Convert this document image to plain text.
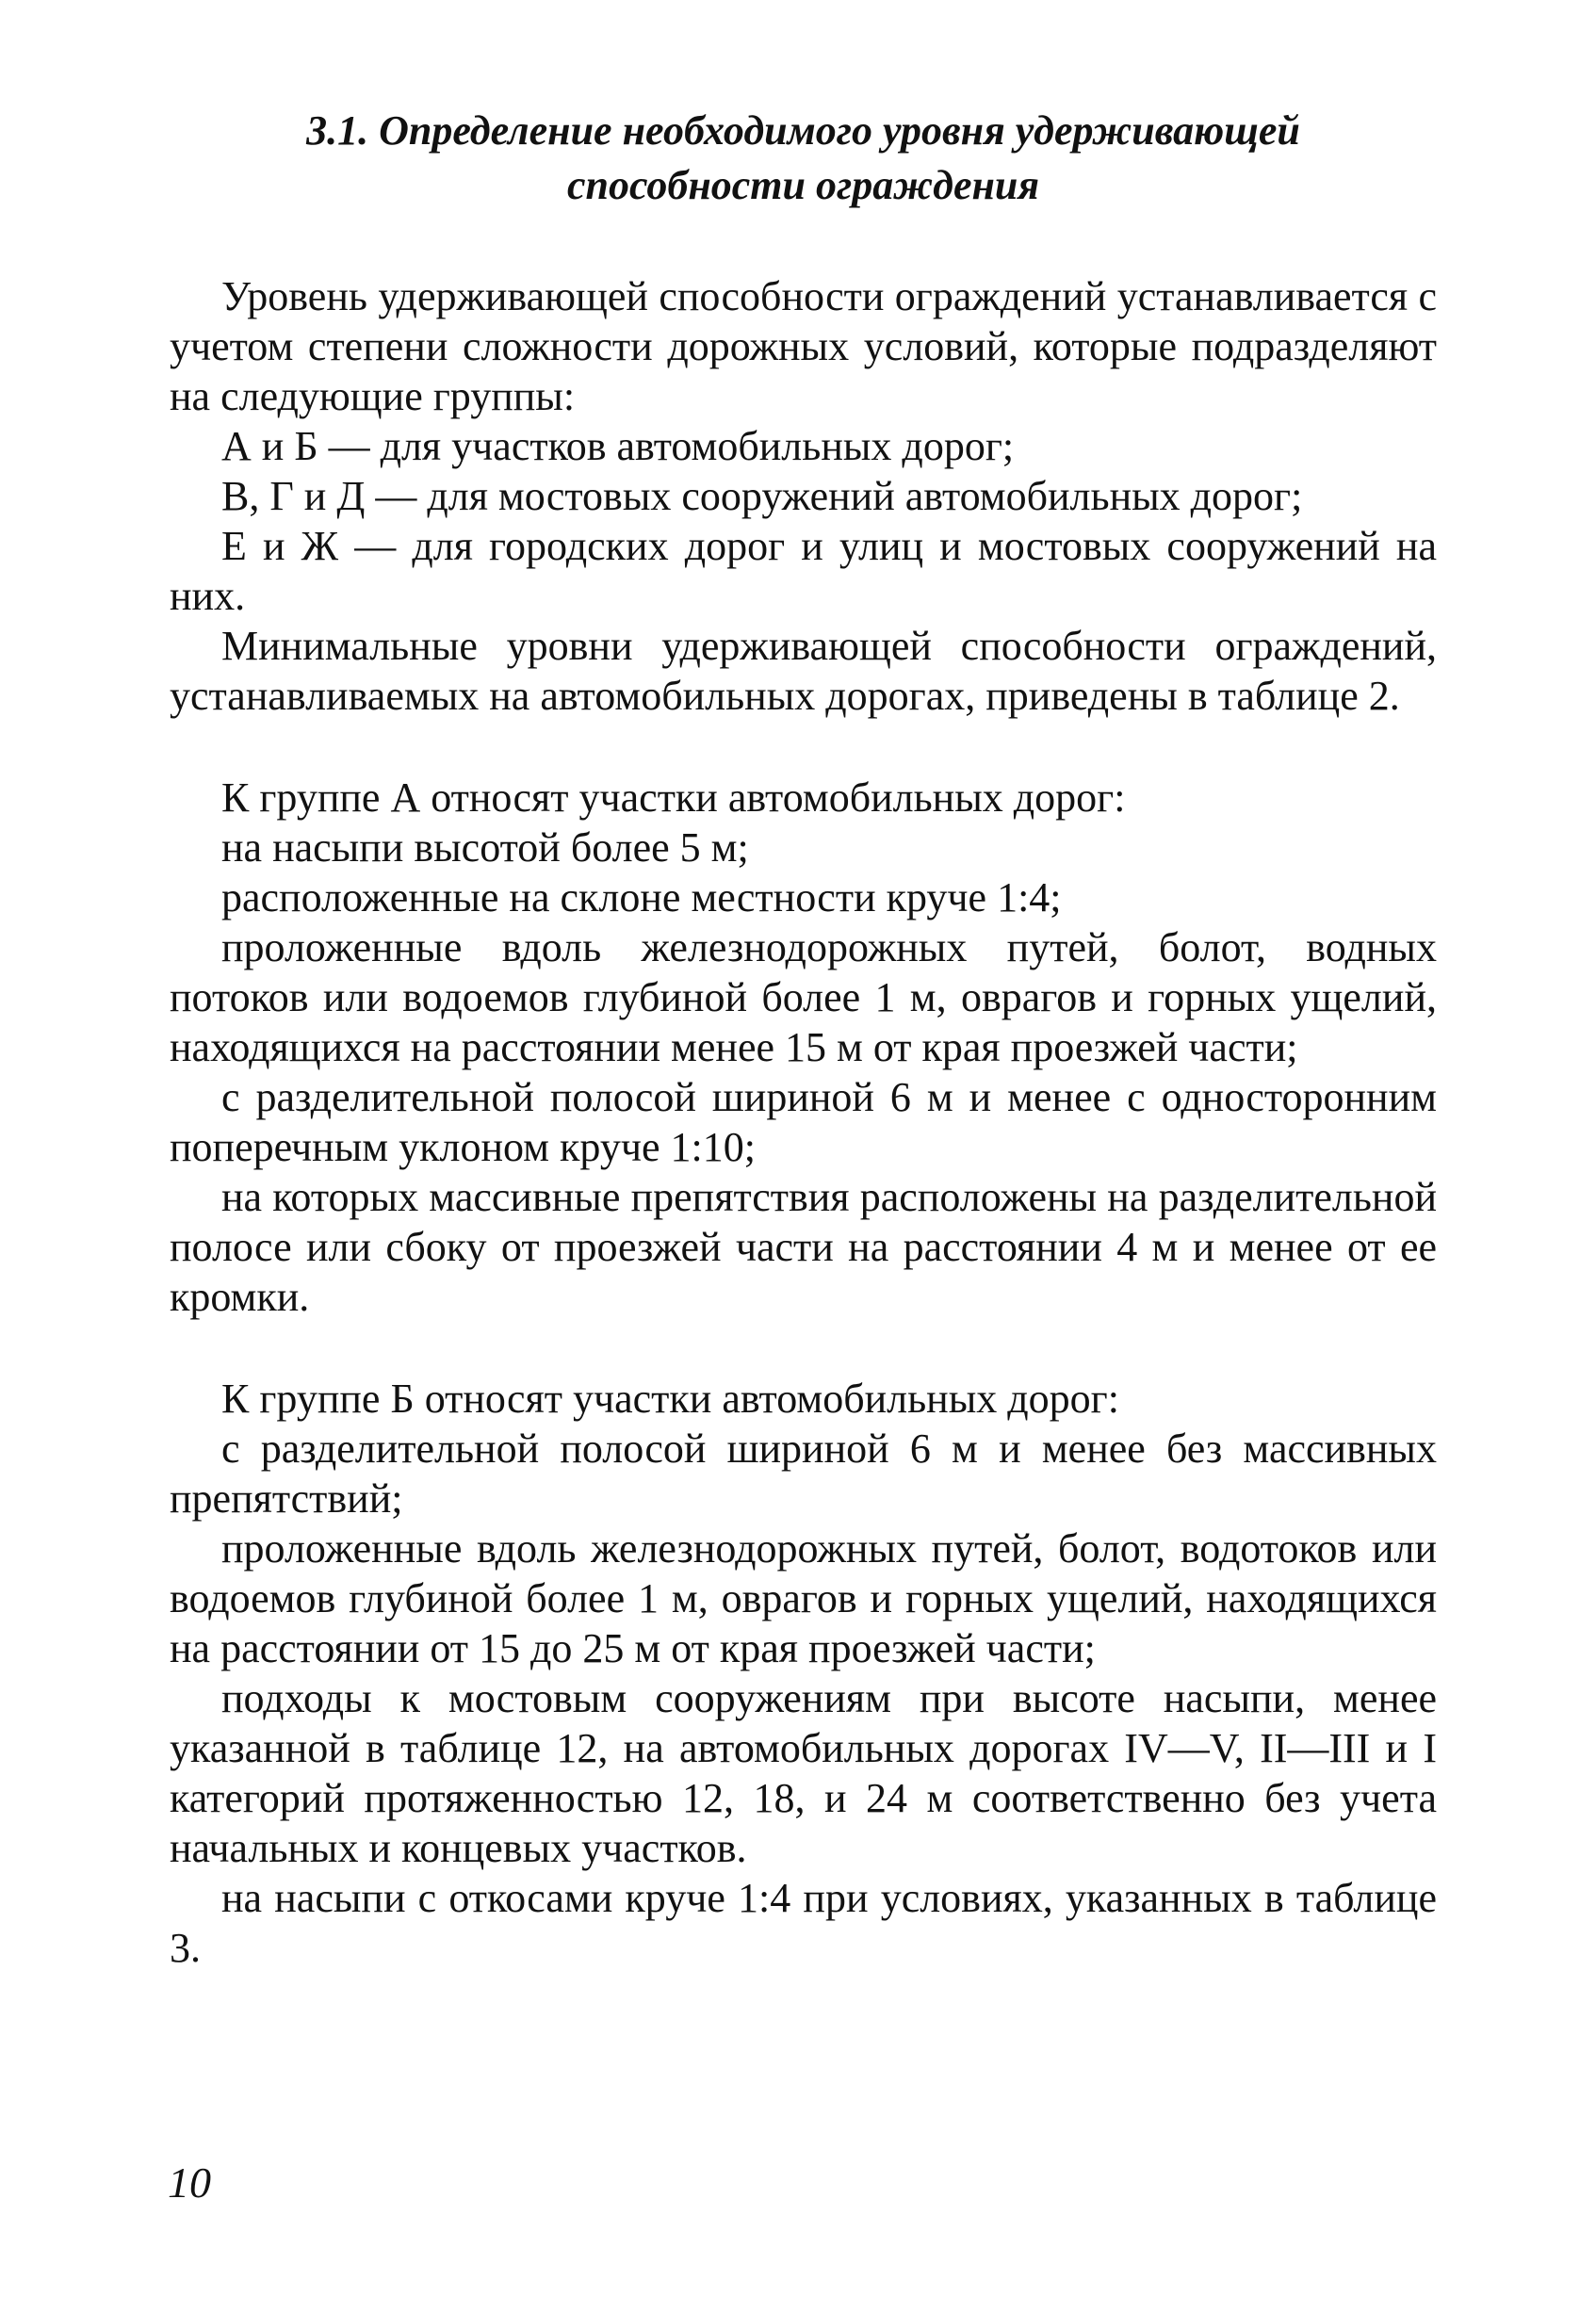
3.1. Определение необходимого уровня удерживающей
способности ограждения

Уровень удерживающей способности ограждений устанавливается с учетом степени сложности дорожных условий, которые подразделяют на следующие группы:

А и Б — для участков автомобильных дорог;

В, Г и Д — для мостовых сооружений автомобильных дорог;

Е и Ж — для городских дорог и улиц и мостовых сооружений на них.

Минимальные уровни удерживающей способности ограждений, устанавливаемых на автомобильных дорогах, приведены в таблице 2.

К группе А относят участки автомобильных дорог:

на насыпи высотой более 5 м;

расположенные на склоне местности круче 1:4;

проложенные вдоль железнодорожных путей, болот, водных потоков или водоемов глубиной более 1 м, оврагов и горных ущелий, находящихся на расстоянии менее 15 м от края проезжей части;

с разделительной полосой шириной 6 м и менее с односторонним поперечным уклоном круче 1:10;

на которых массивные препятствия расположены на разделительной полосе или сбоку от проезжей части на расстоянии 4 м и менее от ее кромки.

К группе Б относят участки автомобильных дорог:

с разделительной полосой шириной 6 м и менее без массивных препятствий;

проложенные вдоль железнодорожных путей, болот, водотоков или водоемов глубиной более 1 м, оврагов и горных ущелий, находящихся на расстоянии от 15 до 25 м от края проезжей части;

подходы к мостовым сооружениям при высоте насыпи, менее указанной в таблице 12, на автомобильных дорогах IV—V, II—III и I категорий протяженностью 12, 18, и 24 м соответственно без учета начальных и концевых участков.

на насыпи с откосами круче 1:4 при условиях, указанных в таблице 3.

10
